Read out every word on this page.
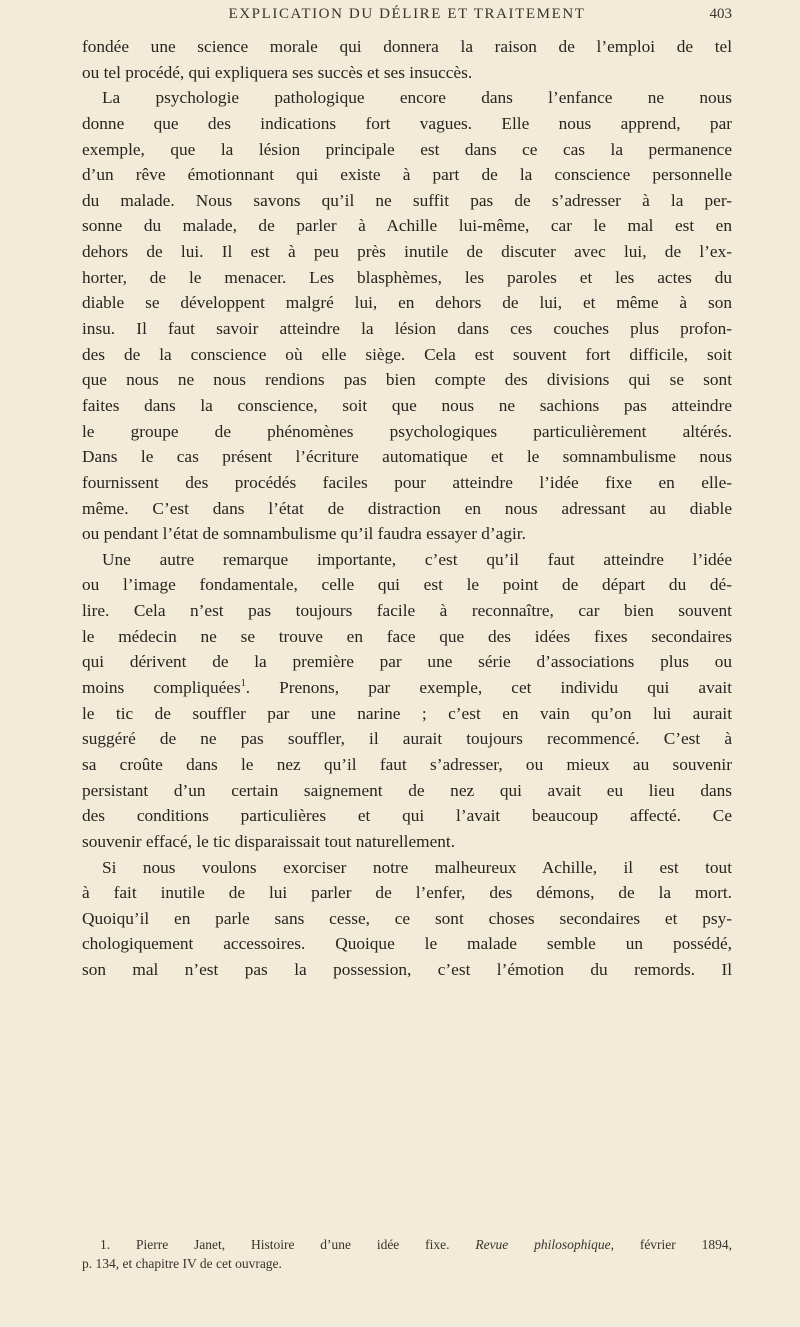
EXPLICATION DU DÉLIRE ET TRAITEMENT	403
fondée une science morale qui donnera la raison de l’emploi de tel
ou tel procédé, qui expliquera ses succès et ses insuccès.
La psychologie pathologique encore dans l’enfance ne nous
donne que des indications fort vagues. Elle nous apprend, par
exemple, que la lésion principale est dans ce cas la permanence
d’un rêve émotionnant qui existe à part de la conscience personnelle
du malade. Nous savons qu’il ne suffit pas de s’adresser à la per-
sonne du malade, de parler à Achille lui-même, car le mal est en
dehors de lui. Il est à peu près inutile de discuter avec lui, de l’ex-
horter, de le menacer. Les blasphèmes, les paroles et les actes du
diable se développent malgré lui, en dehors de lui, et même à son
insu. Il faut savoir atteindre la lésion dans ces couches plus profon-
des de la conscience où elle siège. Cela est souvent fort difficile, soit
que nous ne nous rendions pas bien compte des divisions qui se sont
faites dans la conscience, soit que nous ne sachions pas atteindre
le groupe de phénomènes psychologiques particulièrement altérés.
Dans le cas présent l’écriture automatique et le somnambulisme nous
fournissent des procédés faciles pour atteindre l’idée fixe en elle-
même. C’est dans l’état de distraction en nous adressant au diable
ou pendant l’état de somnambulisme qu’il faudra essayer d’agir.
Une autre remarque importante, c’est qu’il faut atteindre l’idée
ou l’image fondamentale, celle qui est le point de départ du dé-
lire. Cela n’est pas toujours facile à reconnaître, car bien souvent
le médecin ne se trouve en face que des idées fixes secondaires
qui dérivent de la première par une série d’associations plus ou
moins compliquées$^1$. Prenons, par exemple, cet individu qui avait
le tic de souffler par une narine ; c’est en vain qu’on lui aurait
suggéré de ne pas souffler, il aurait toujours recommencé. C’est à
sa croûte dans le nez qu’il faut s’adresser, ou mieux au souvenir
persistant d’un certain saignement de nez qui avait eu lieu dans
des conditions particulières et qui l’avait beaucoup affecté. Ce
souvenir effacé, le tic disparaissait tout naturellement.
Si nous voulons exorciser notre malheureux Achille, il est tout
à fait inutile de lui parler de l’enfer, des démons, de la mort.
Quoiqu’il en parle sans cesse, ce sont choses secondaires et psy-
chologiquement accessoires. Quoique le malade semble un possédé,
son mal n’est pas la possession, c’est l’émotion du remords. Il
1. Pierre Janet, Histoire d’une idée fixe. Revue philosophique, février 1894,
p. 134, et chapitre IV de cet ouvrage.
